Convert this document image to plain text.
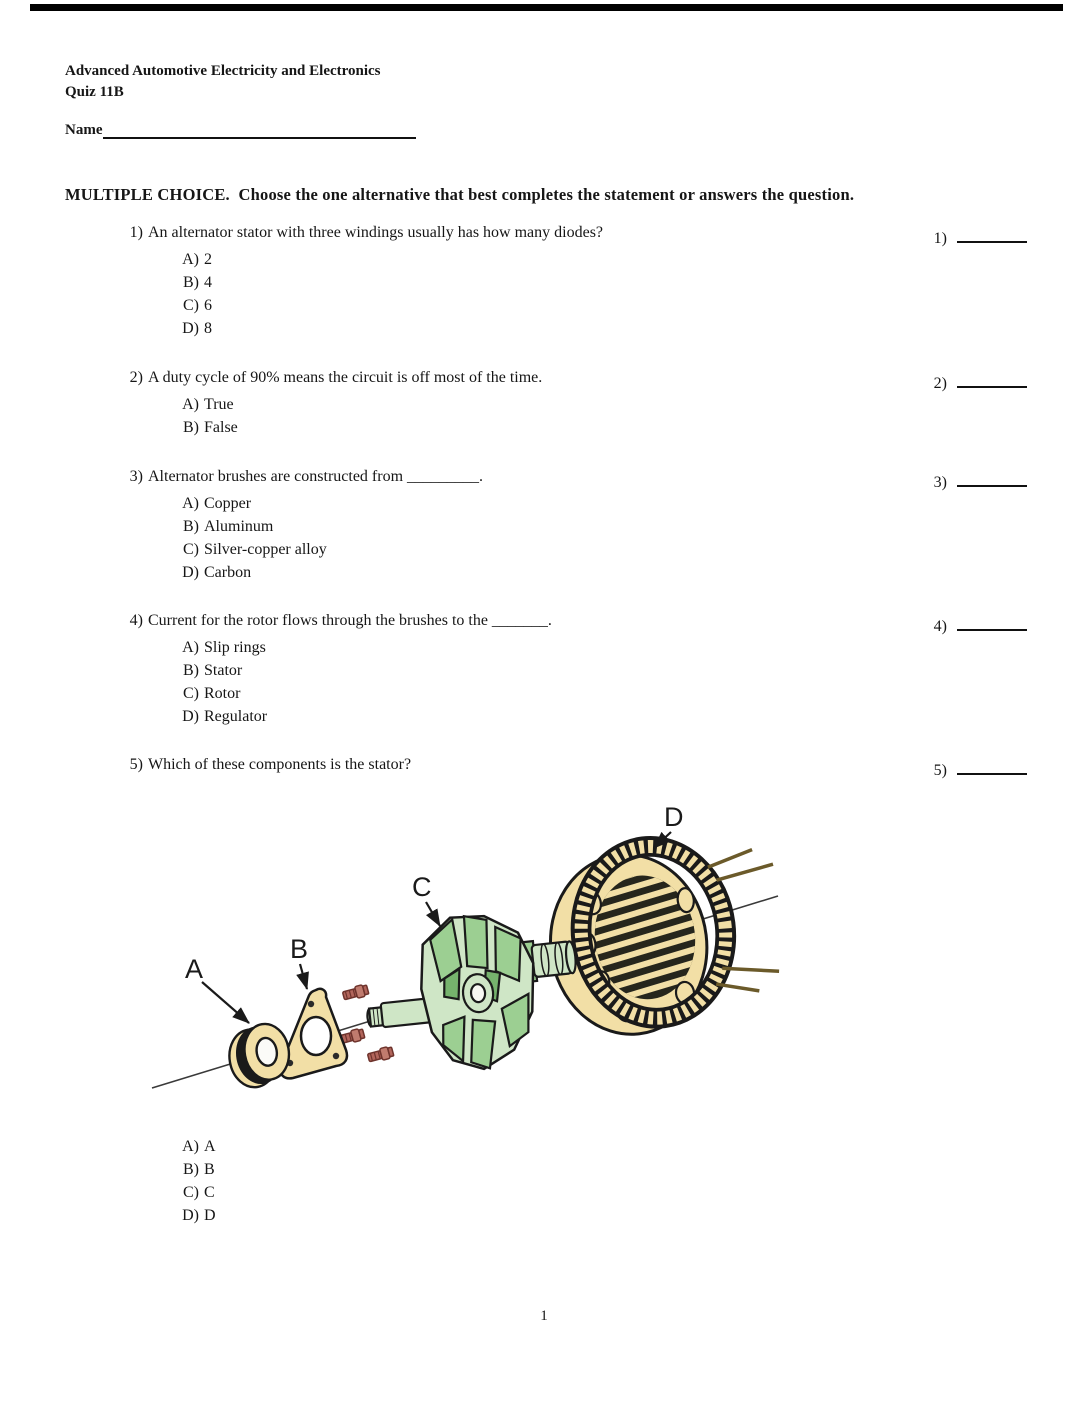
Advanced Automotive Electricity and Electronics
Quiz 11B
Name
MULTIPLE CHOICE.  Choose the one alternative that best completes the statement or answers the question.
1) An alternator stator with three windings usually has how many diodes?
A) 2
B) 4
C) 6
D) 8
1)
2) A duty cycle of 90% means the circuit is off most of the time.
A) True
B) False
2)
3) Alternator brushes are constructed from _________.
A) Copper
B) Aluminum
C) Silver-copper alloy
D) Carbon
3)
4) Current for the rotor flows through the brushes to the _______.
A) Slip rings
B) Stator
C) Rotor
D) Regulator
4)
5) Which of these components is the stator?	5)
A
B
C
D
A) A
B) B
C) C
D) D
1
